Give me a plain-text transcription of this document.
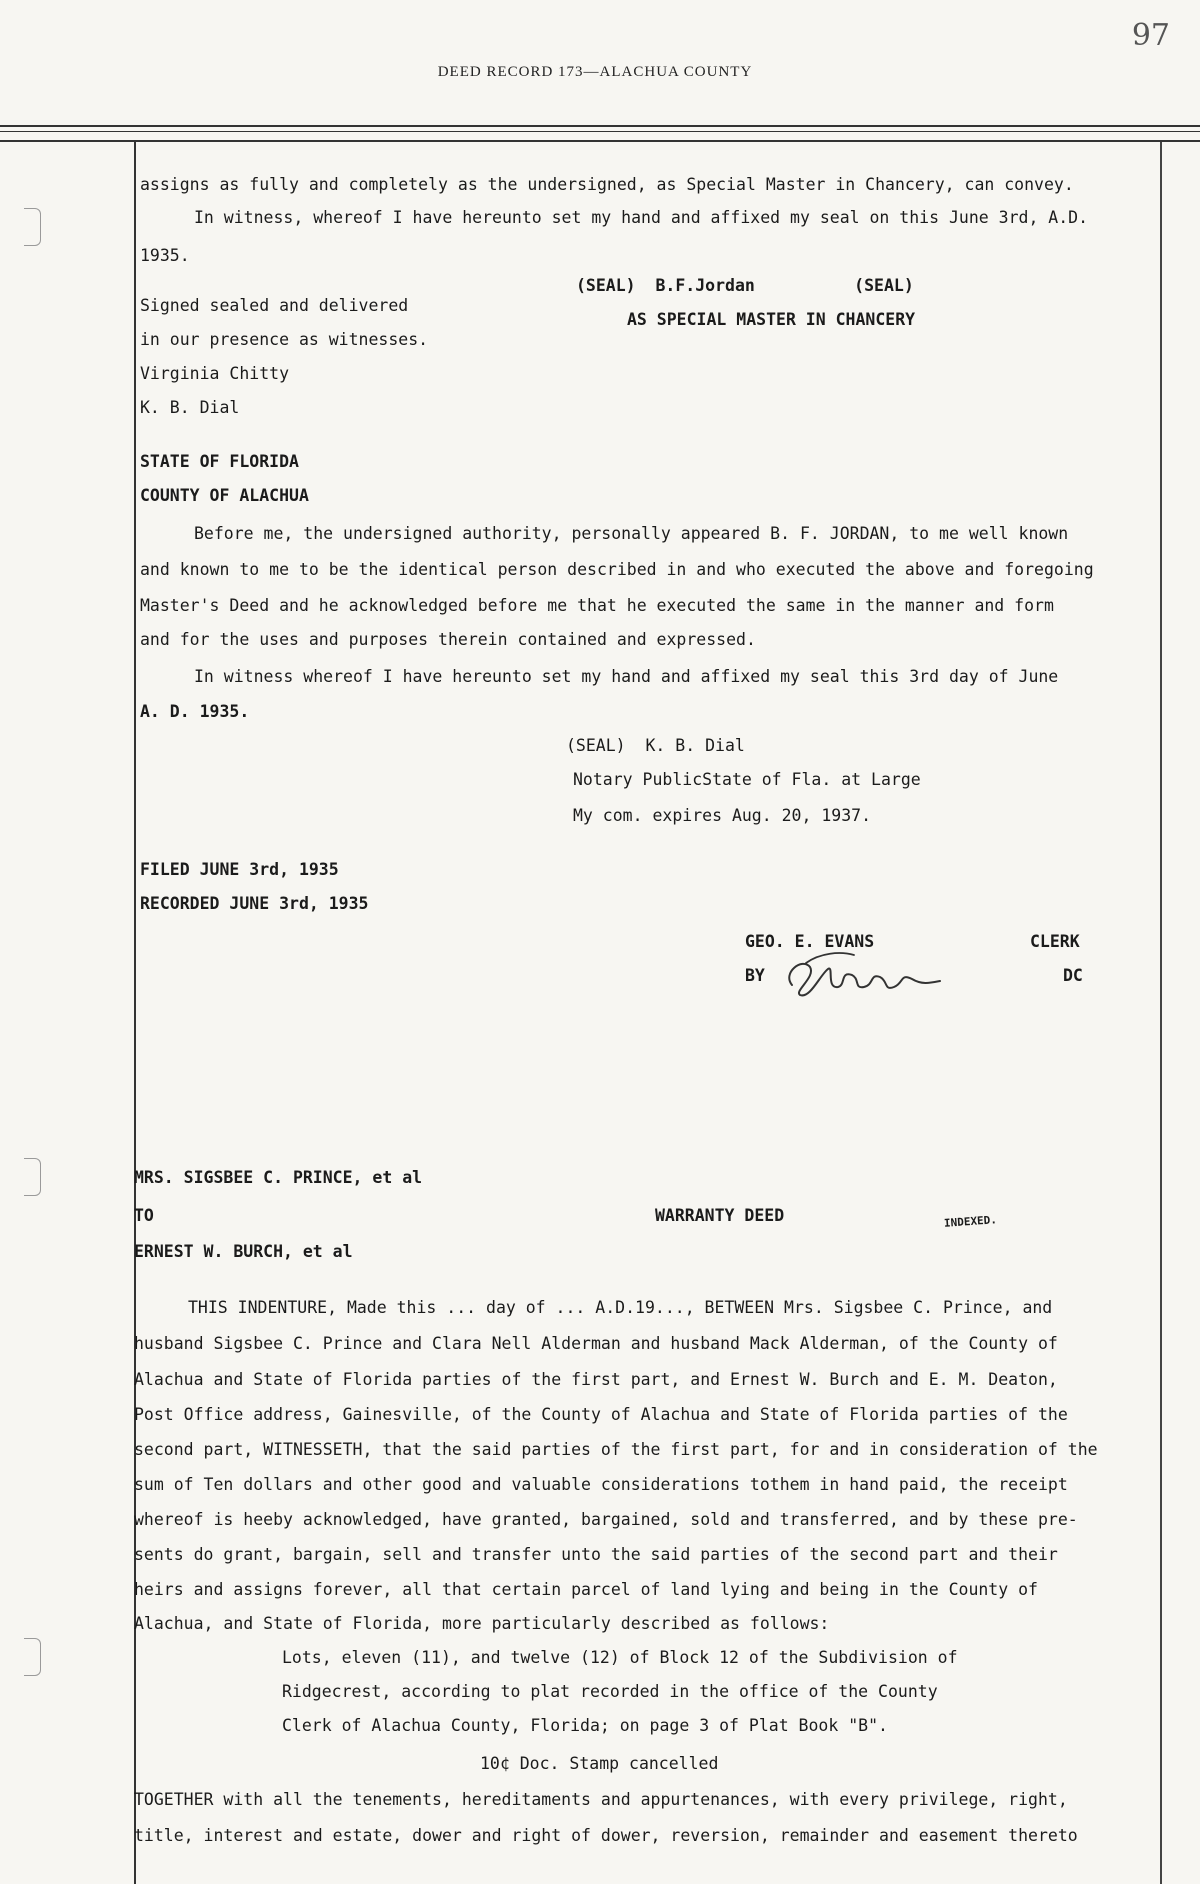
97
DEED RECORD 173—ALACHUA COUNTY
assigns as fully and completely as the undersigned, as Special Master in Chancery, can convey.
In witness, whereof I have hereunto set my hand and affixed my seal on this June 3rd, A.D.
1935.
(SEAL)  B.F.Jordan          (SEAL)
AS SPECIAL MASTER IN CHANCERY
Signed sealed and delivered
in our presence as witnesses.
Virginia Chitty
K. B. Dial
STATE OF FLORIDA
COUNTY OF ALACHUA
Before me, the undersigned authority, personally appeared B. F. JORDAN, to me well known
and known to me to be the identical person described in and who executed the above and foregoing
Master's Deed and he acknowledged before me that he executed the same in the manner and form
and for the uses and purposes therein contained and expressed.
In witness whereof I have hereunto set my hand and affixed my seal this 3rd day of June
A. D. 1935.
(SEAL)  K. B. Dial
Notary PublicState of Fla. at Large
My com. expires Aug. 20, 1937.
FILED JUNE 3rd, 1935
RECORDED JUNE 3rd, 1935
GEO. E. EVANS	CLERK
BY	DC
MRS. SIGSBEE C. PRINCE, et al
TO	WARRANTY DEED	INDEXED.
ERNEST W. BURCH, et al
THIS INDENTURE, Made this ... day of ... A.D.19..., BETWEEN Mrs. Sigsbee C. Prince, and
husband Sigsbee C. Prince and Clara Nell Alderman and husband Mack Alderman, of the County of
Alachua and State of Florida parties of the first part, and Ernest W. Burch and E. M. Deaton,
Post Office address, Gainesville, of the County of Alachua and State of Florida parties of the
second part, WITNESSETH, that the said parties of the first part, for and in consideration of the
sum of Ten dollars and other good and valuable considerations tothem in hand paid, the receipt
whereof is heeby acknowledged, have granted, bargained, sold and transferred, and by these pre-
sents do grant, bargain, sell and transfer unto the said parties of the second part and their
heirs and assigns forever, all that certain parcel of land lying and being in the County of
Alachua, and State of Florida, more particularly described as follows:
Lots, eleven (11), and twelve (12) of Block 12 of the Subdivision of
Ridgecrest, according to plat recorded in the office of the County
Clerk of Alachua County, Florida; on page 3 of Plat Book "B".
10¢ Doc. Stamp cancelled
TOGETHER with all the tenements, hereditaments and appurtenances, with every privilege, right,
title, interest and estate, dower and right of dower, reversion, remainder and easement thereto
